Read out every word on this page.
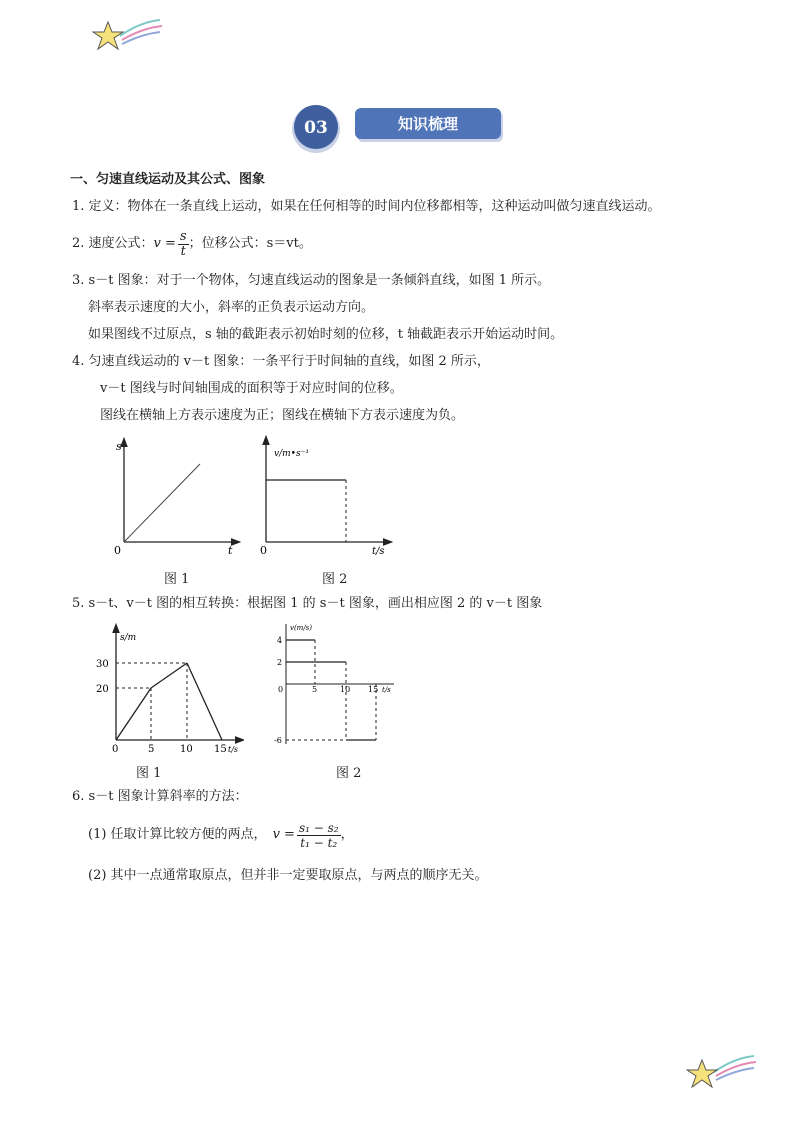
03	知识梳理
一、匀速直线运动及其公式、图象
1. 定义：物体在一条直线上运动，如果在任何相等的时间内位移都相等，这种运动叫做匀速直线运动。
2. 速度公式： $v = \frac{s}{t}$ ；位移公式：s＝vt。
3. s－t 图象：对于一个物体，匀速直线运动的图象是一条倾斜直线，如图 1 所示。
斜率表示速度的大小，斜率的正负表示运动方向。
如果图线不过原点，s 轴的截距表示初始时刻的位移，t 轴截距表示开始运动时间。
4. 匀速直线运动的 v－t 图象：一条平行于时间轴的直线，如图 2 所示，
v－t 图线与时间轴围成的面积等于对应时间的位移。
图线在横轴上方表示速度为正；图线在横轴下方表示速度为负。
s
t
0
图 1
v/m•s⁻¹
t/s
0
图 2
5. s－t、v－t 图的相互转换：根据图 1 的 s－t 图象，画出相应图 2 的 v－t 图象
s/m
30
20
0	5	10 15 t/s
图 1
v(m/s)
4
2
-6
0	5	10 15 t/s
图 2
6. s－t 图象计算斜率的方法：
(1) 任取计算比较方便的两点， $v = \frac{\text{s₁ − s₂}}{\text{t₁ − t₂}}$ ，
(2) 其中一点通常取原点，但并非一定要取原点，与两点的顺序无关。
